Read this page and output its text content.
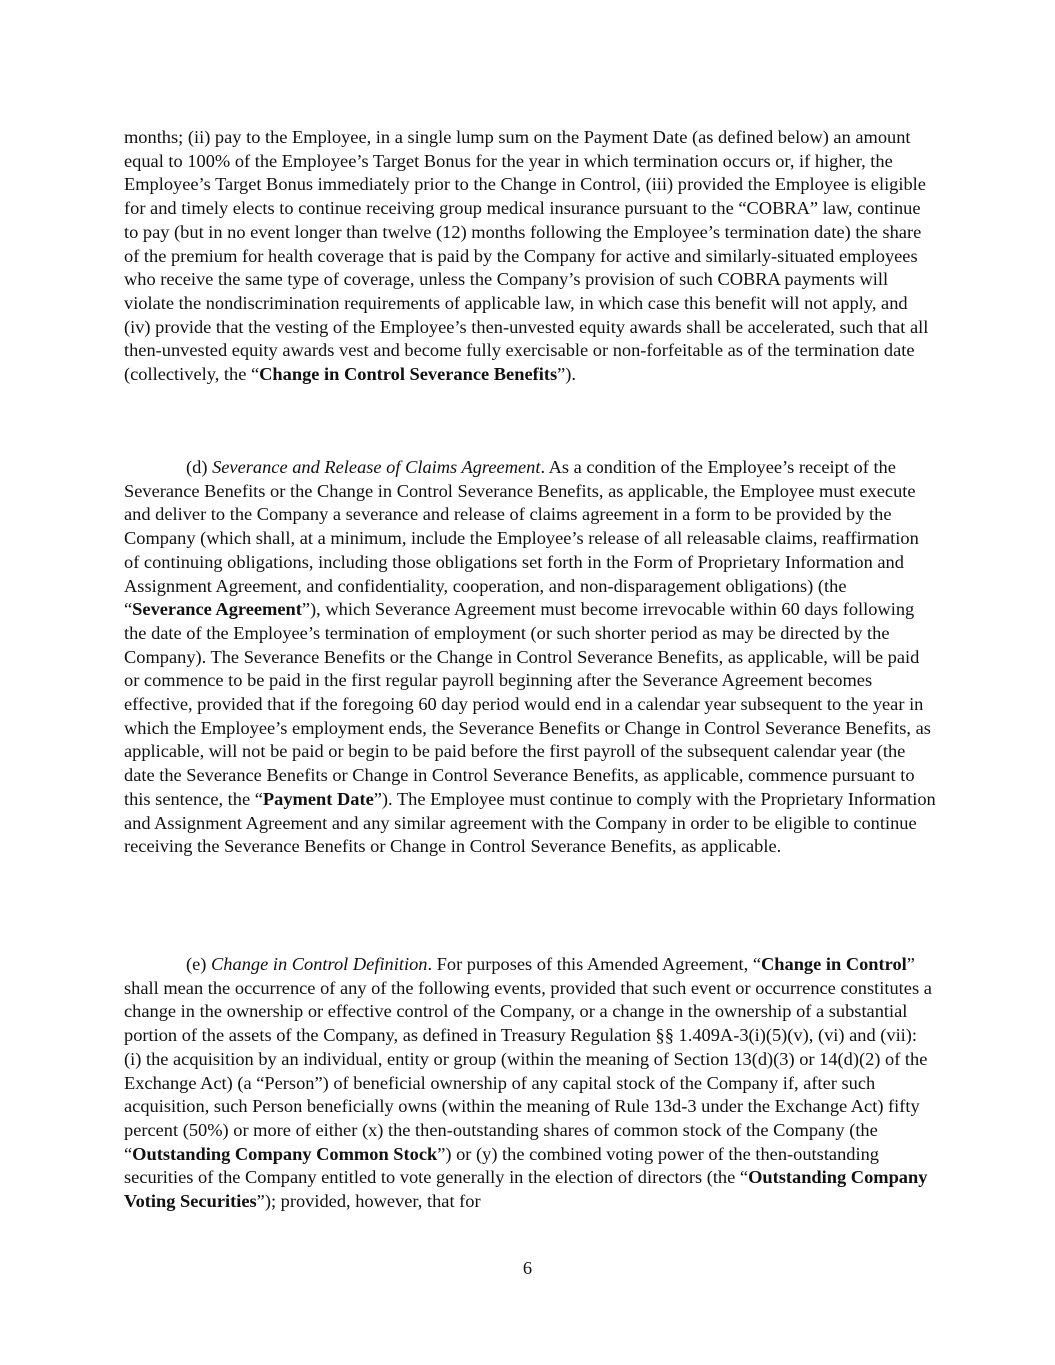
months; (ii) pay to the Employee, in a single lump sum on the Payment Date (as defined below) an amount equal to 100% of the Employee’s Target Bonus for the year in which termination occurs or, if higher, the Employee’s Target Bonus immediately prior to the Change in Control, (iii) provided the Employee is eligible for and timely elects to continue receiving group medical insurance pursuant to the “COBRA” law, continue to pay (but in no event longer than twelve (12) months following the Employee’s termination date) the share of the premium for health coverage that is paid by the Company for active and similarly-situated employees who receive the same type of coverage, unless the Company’s provision of such COBRA payments will violate the nondiscrimination requirements of applicable law, in which case this benefit will not apply, and (iv) provide that the vesting of the Employee’s then-unvested equity awards shall be accelerated, such that all then-unvested equity awards vest and become fully exercisable or non-forfeitable as of the termination date (collectively, the “Change in Control Severance Benefits”).

(d) Severance and Release of Claims Agreement. As a condition of the Employee’s receipt of the Severance Benefits or the Change in Control Severance Benefits, as applicable, the Employee must execute and deliver to the Company a severance and release of claims agreement in a form to be provided by the Company (which shall, at a minimum, include the Employee’s release of all releasable claims, reaffirmation of continuing obligations, including those obligations set forth in the Form of Proprietary Information and Assignment Agreement, and confidentiality, cooperation, and non-disparagement obligations) (the “Severance Agreement”), which Severance Agreement must become irrevocable within 60 days following the date of the Employee’s termination of employment (or such shorter period as may be directed by the Company). The Severance Benefits or the Change in Control Severance Benefits, as applicable, will be paid or commence to be paid in the first regular payroll beginning after the Severance Agreement becomes effective, provided that if the foregoing 60 day period would end in a calendar year subsequent to the year in which the Employee’s employment ends, the Severance Benefits or Change in Control Severance Benefits, as applicable, will not be paid or begin to be paid before the first payroll of the subsequent calendar year (the date the Severance Benefits or Change in Control Severance Benefits, as applicable, commence pursuant to this sentence, the “Payment Date”). The Employee must continue to comply with the Proprietary Information and Assignment Agreement and any similar agreement with the Company in order to be eligible to continue receiving the Severance Benefits or Change in Control Severance Benefits, as applicable.

(e) Change in Control Definition. For purposes of this Amended Agreement, “Change in Control” shall mean the occurrence of any of the following events, provided that such event or occurrence constitutes a change in the ownership or effective control of the Company, or a change in the ownership of a substantial portion of the assets of the Company, as defined in Treasury Regulation §§ 1.409A-3(i)(5)(v), (vi) and (vii): (i) the acquisition by an individual, entity or group (within the meaning of Section 13(d)(3) or 14(d)(2) of the Exchange Act) (a “Person”) of beneficial ownership of any capital stock of the Company if, after such acquisition, such Person beneficially owns (within the meaning of Rule 13d-3 under the Exchange Act) fifty percent (50%) or more of either (x) the then-outstanding shares of common stock of the Company (the “Outstanding Company Common Stock”) or (y) the combined voting power of the then-outstanding securities of the Company entitled to vote generally in the election of directors (the “Outstanding Company Voting Securities”); provided, however, that for

6
